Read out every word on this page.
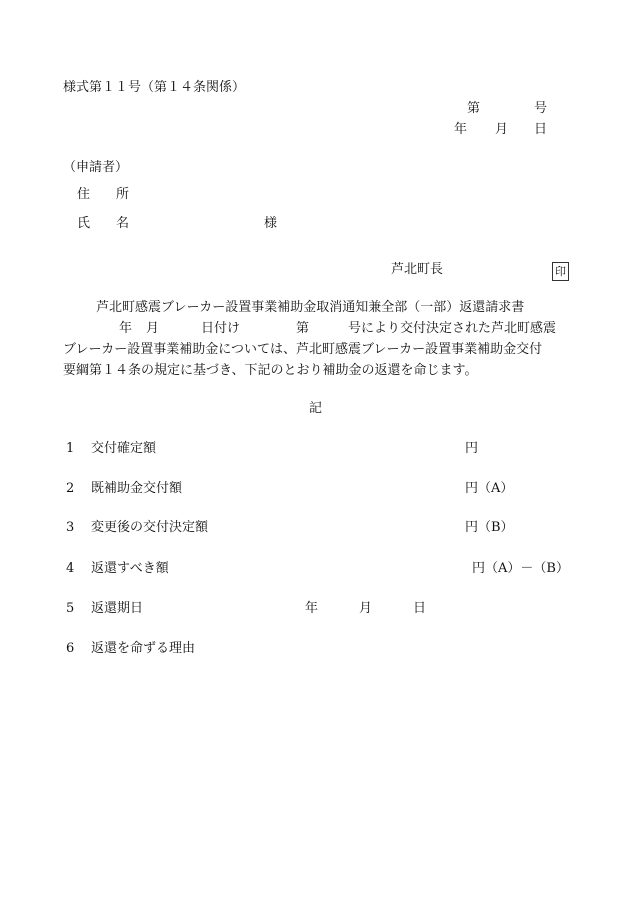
様式第１１号（第１４条関係）
第	号
年 月 日
（申請者）
住　　所
氏　　名	様
芦北町長	印
芦北町感震ブレーカー設置事業補助金取消通知兼全部（一部）返還請求書
年 月	日付け	第	号により交付決定された芦北町感震
ブレーカー設置事業補助金については、芦北町感震ブレーカー設置事業補助金交付
要綱第１４条の規定に基づき、下記のとおり補助金の返還を命じます。
記
1 交付確定額	円
2 既補助金交付額	円（A）
3 変更後の交付決定額	円（B）
4 返還すべき額	円（A）－（B）
5 返還期日	年	月	日
6 返還を命ずる理由
